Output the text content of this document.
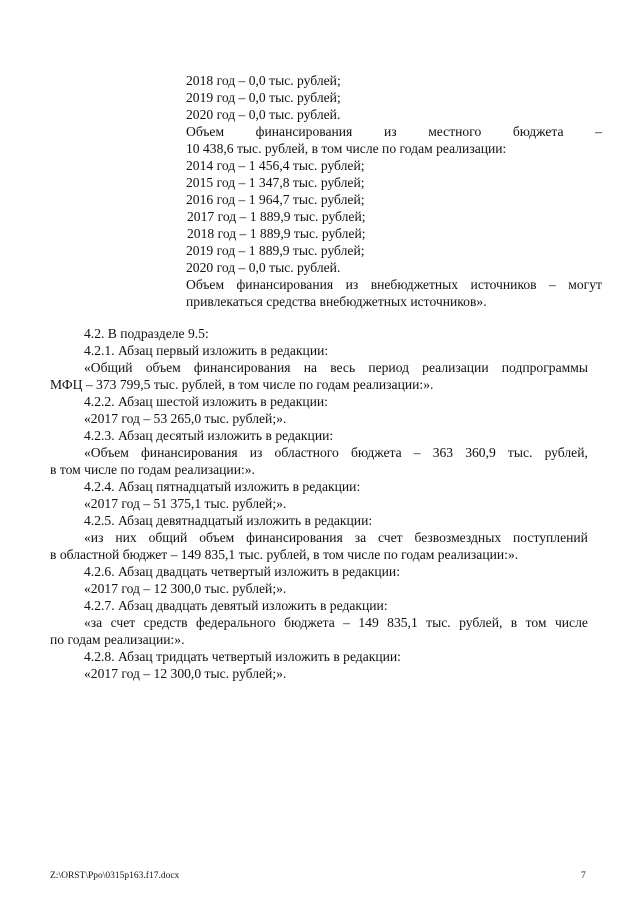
2018 год – 0,0 тыс. рублей;
2019 год – 0,0 тыс. рублей;
2020 год – 0,0 тыс. рублей.
Объем финансирования из местного бюджета –
10 438,6 тыс. рублей, в том числе по годам реализации:
2014 год – 1 456,4 тыс. рублей;
2015 год – 1 347,8 тыс. рублей;
2016 год – 1 964,7 тыс. рублей;
2017 год – 1 889,9 тыс. рублей;
2018 год – 1 889,9 тыс. рублей;
2019 год – 1 889,9 тыс. рублей;
2020 год – 0,0 тыс. рублей.
Объем финансирования из внебюджетных источников – могут
привлекаться средства внебюджетных источников».
4.2. В подразделе 9.5:
4.2.1. Абзац первый изложить в редакции:
«Общий объем финансирования на весь период реализации подпрограммы
МФЦ – 373 799,5 тыс. рублей, в том числе по годам реализации:».
4.2.2. Абзац шестой изложить в редакции:
«2017 год – 53 265,0 тыс. рублей;».
4.2.3. Абзац десятый изложить в редакции:
«Объем финансирования из областного бюджета – 363 360,9 тыс. рублей,
в том числе по годам реализации:».
4.2.4. Абзац пятнадцатый изложить в редакции:
«2017 год – 51 375,1 тыс. рублей;».
4.2.5. Абзац девятнадцатый изложить в редакции:
«из них общий объем финансирования за счет безвозмездных поступлений
в областной бюджет – 149 835,1 тыс. рублей, в том числе по годам реализации:».
4.2.6. Абзац двадцать четвертый изложить в редакции:
«2017 год – 12 300,0 тыс. рублей;».
4.2.7. Абзац двадцать девятый изложить в редакции:
«за счет средств федерального бюджета – 149 835,1 тыс. рублей, в том числе
по годам реализации:».
4.2.8. Абзац тридцать четвертый изложить в редакции:
«2017 год – 12 300,0 тыс. рублей;».
Z:\ORST\Ppo\0315p163.f17.docx	7
